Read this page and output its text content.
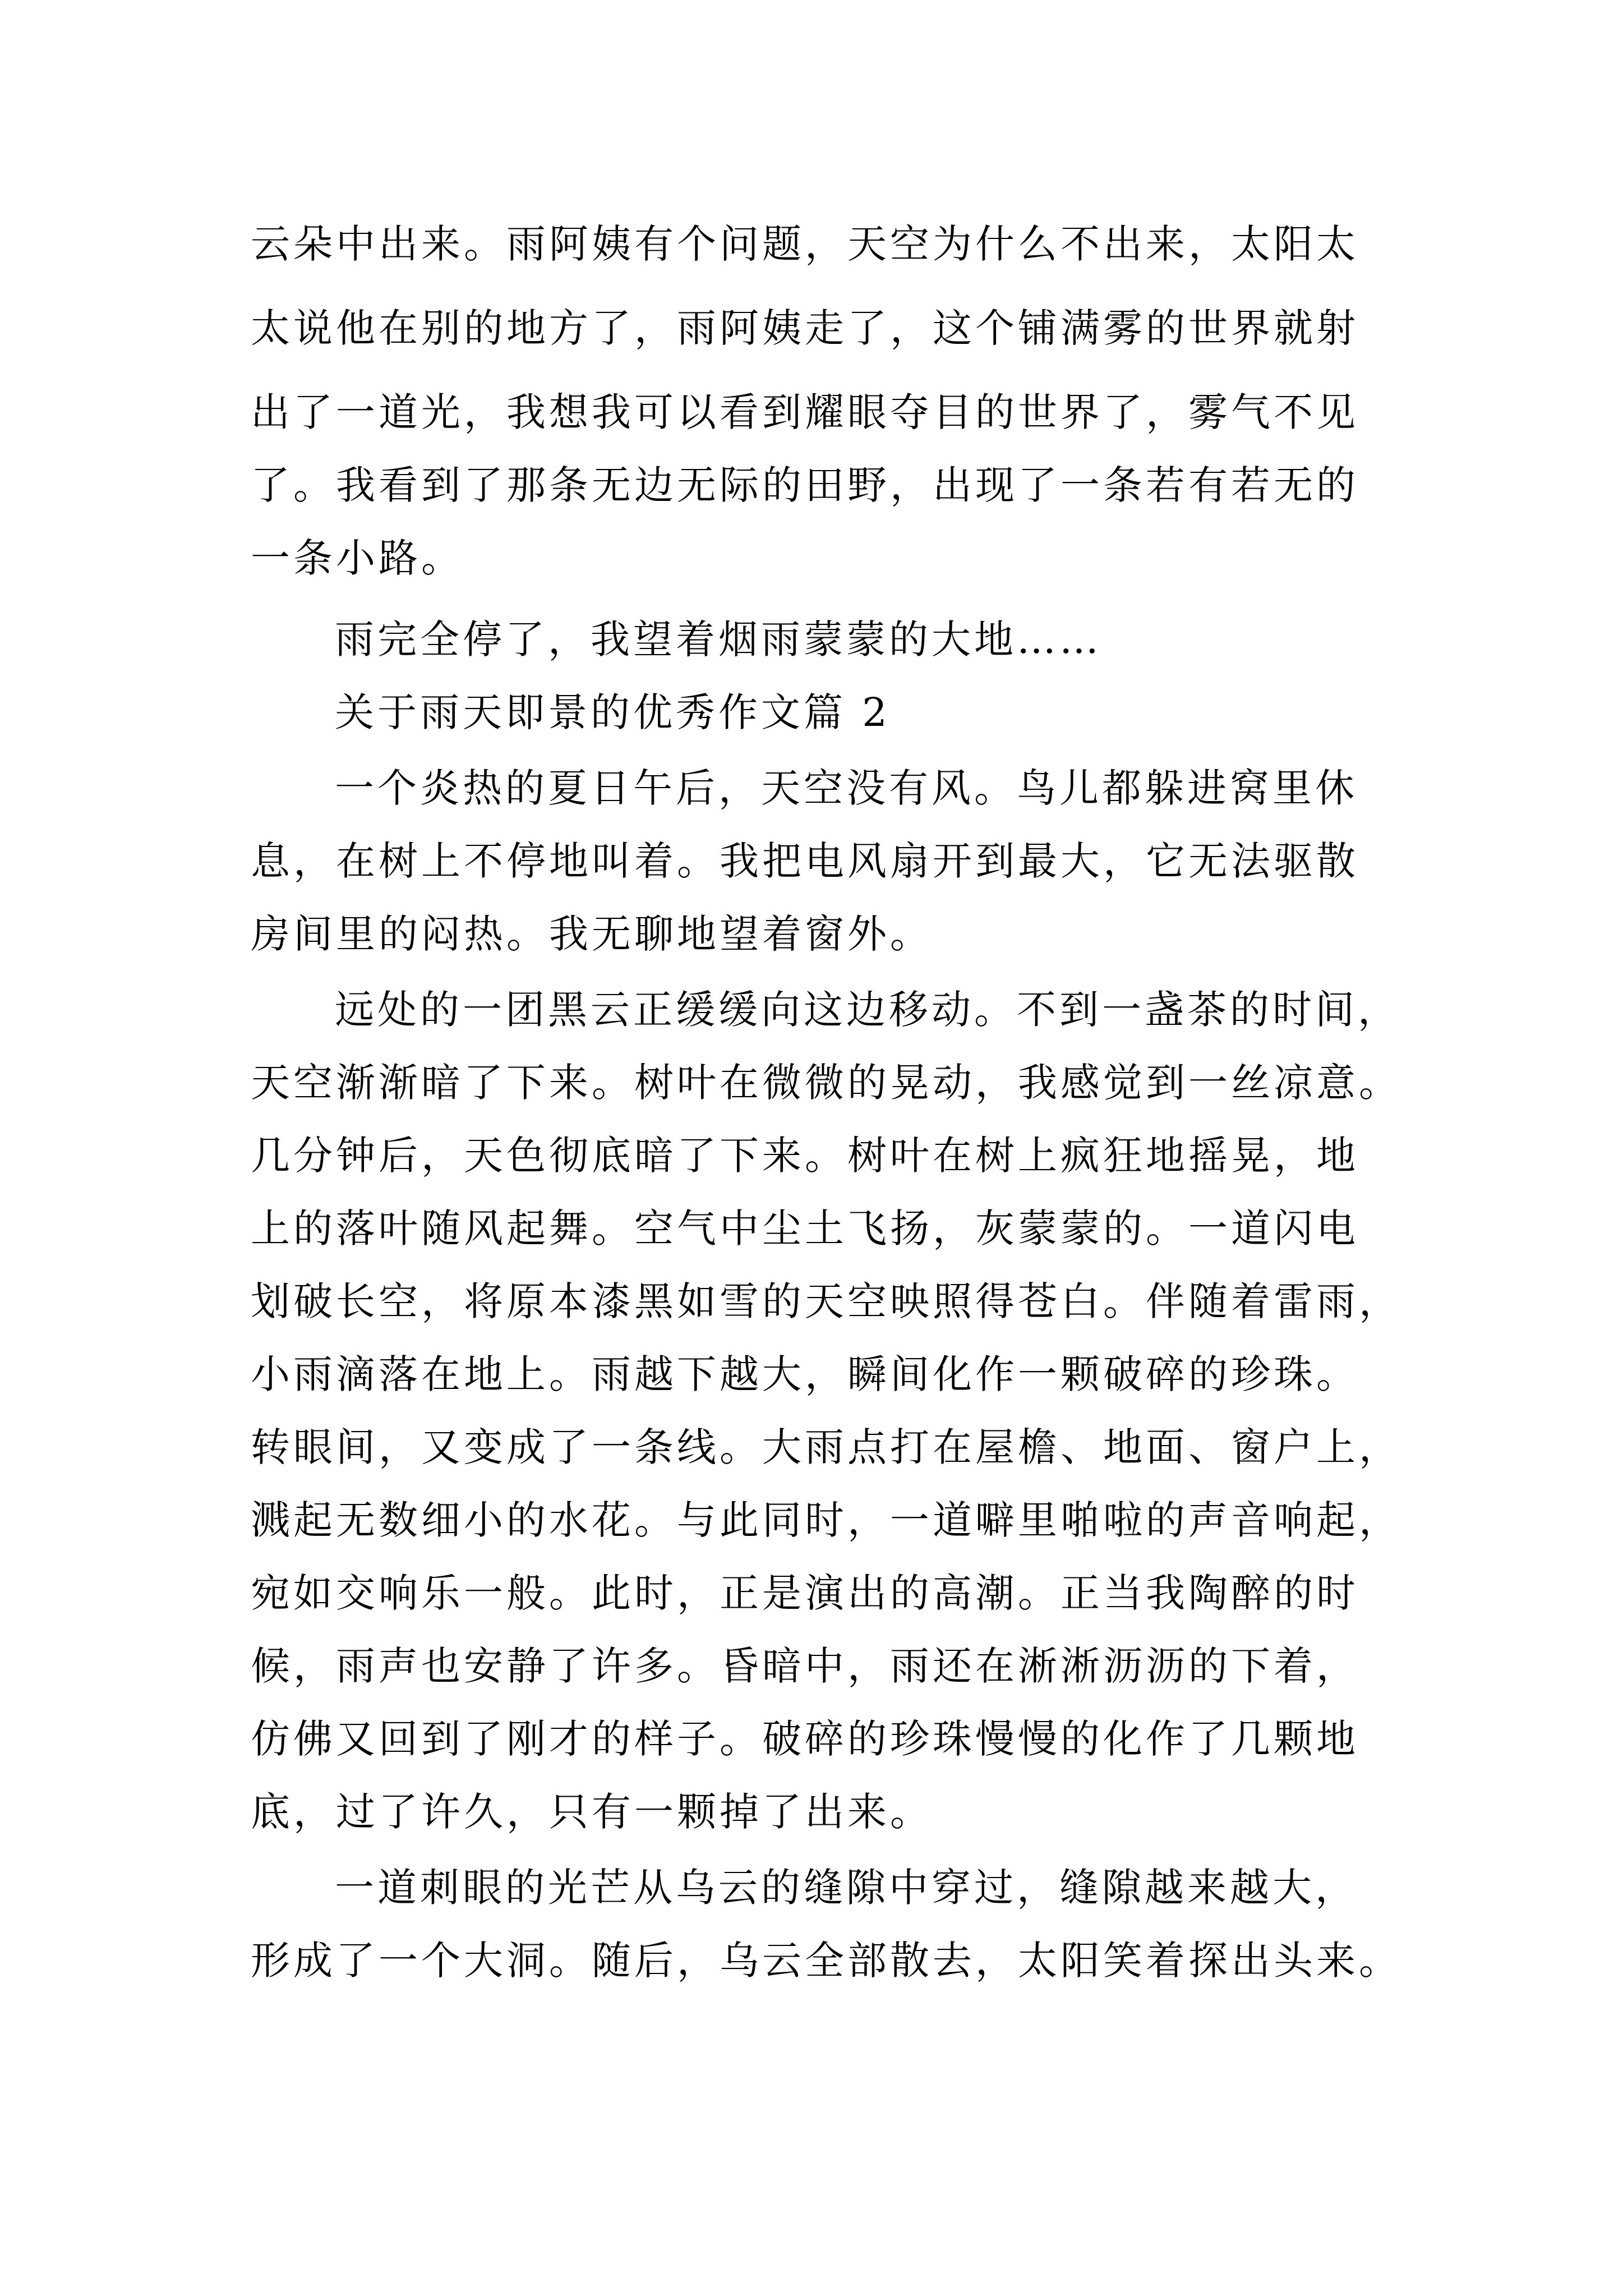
云朵中出来。雨阿姨有个问题，天空为什么不出来，太阳太
太说他在别的地方了，雨阿姨走了，这个铺满雾的世界就射
出了一道光，我想我可以看到耀眼夺目的世界了，雾气不见
了。我看到了那条无边无际的田野，出现了一条若有若无的
一条小路。
雨完全停了，我望着烟雨蒙蒙的大地……
关于雨天即景的优秀作文篇 2
一个炎热的夏日午后，天空没有风。鸟儿都躲进窝里休
息，在树上不停地叫着。我把电风扇开到最大，它无法驱散
房间里的闷热。我无聊地望着窗外。
远处的一团黑云正缓缓向这边移动。不到一盏茶的时间，
天空渐渐暗了下来。树叶在微微的晃动，我感觉到一丝凉意。
几分钟后，天色彻底暗了下来。树叶在树上疯狂地摇晃，地
上的落叶随风起舞。空气中尘土飞扬，灰蒙蒙的。一道闪电
划破长空，将原本漆黑如雪的天空映照得苍白。伴随着雷雨，
小雨滴落在地上。雨越下越大，瞬间化作一颗破碎的珍珠。
转眼间，又变成了一条线。大雨点打在屋檐、地面、窗户上，
溅起无数细小的水花。与此同时，一道噼里啪啦的声音响起，
宛如交响乐一般。此时，正是演出的高潮。正当我陶醉的时
候，雨声也安静了许多。昏暗中，雨还在淅淅沥沥的下着，
仿佛又回到了刚才的样子。破碎的珍珠慢慢的化作了几颗地
底，过了许久，只有一颗掉了出来。
一道刺眼的光芒从乌云的缝隙中穿过，缝隙越来越大，
形成了一个大洞。随后，乌云全部散去，太阳笑着探出头来。
